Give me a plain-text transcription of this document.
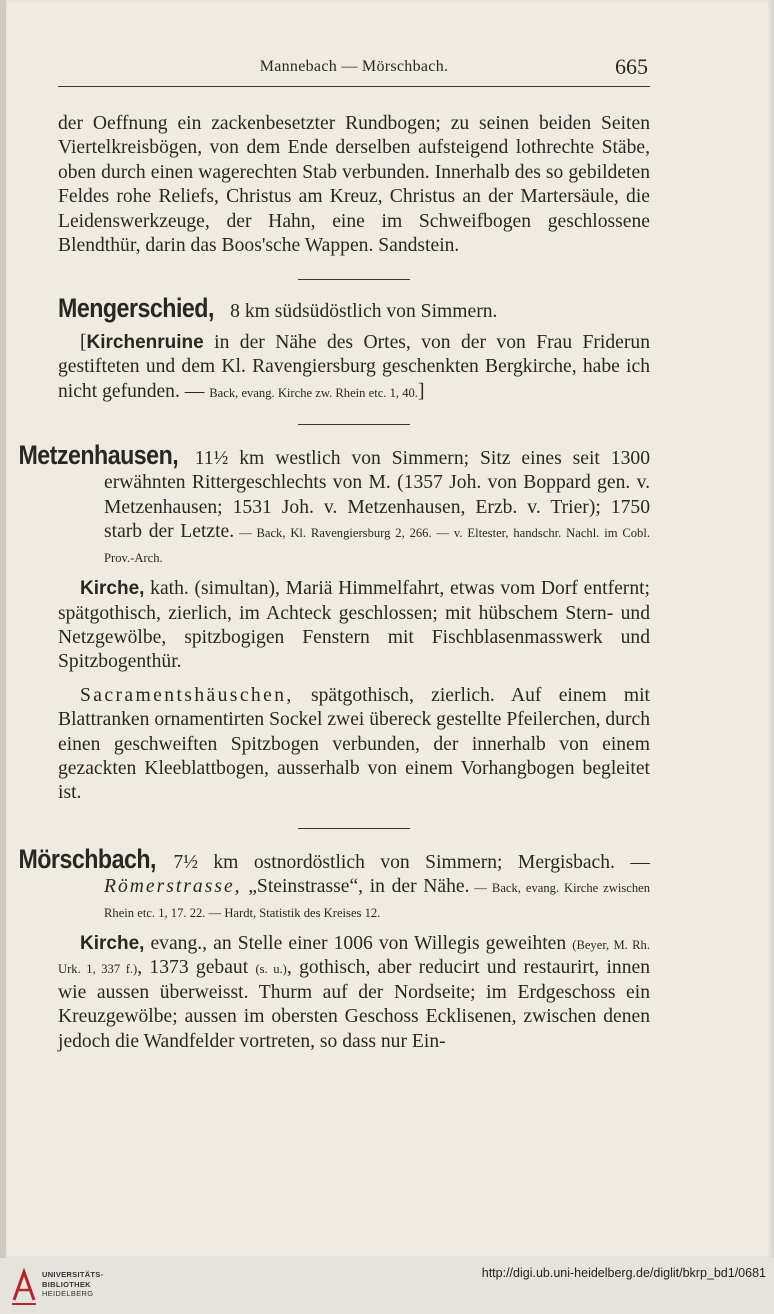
Mannebach — Mörschbach.	665

der Oeffnung ein zackenbesetzter Rundbogen; zu seinen beiden Seiten Viertelkreisbögen, von dem Ende derselben aufsteigend lothrechte Stäbe, oben durch einen wagerechten Stab verbunden. Innerhalb des so gebildeten Feldes rohe Reliefs, Christus am Kreuz, Christus an der Martersäule, die Leidenswerkzeuge, der Hahn, eine im Schweifbogen geschlossene Blendthür, darin das Boos'sche Wappen. Sandstein.

Mengerschied, 8 km südsüdöstlich von Simmern.

[Kirchenruine in der Nähe des Ortes, von der von Frau Friderun gestifteten und dem Kl. Ravengiersburg geschenkten Bergkirche, habe ich nicht gefunden. — Back, evang. Kirche zw. Rhein etc. 1, 40.]

Metzenhausen, 11½ km westlich von Simmern; Sitz eines seit 1300 erwähnten Rittergeschlechts von M. (1357 Joh. von Boppard gen. v. Metzenhausen; 1531 Joh. v. Metzenhausen, Erzb. v. Trier); 1750 starb der Letzte. — Back, Kl. Ravengiersburg 2, 266. — v. Eltester, handschr. Nachl. im Cobl. Prov.-Arch.

Kirche, kath. (simultan), Mariä Himmelfahrt, etwas vom Dorf entfernt; spätgothisch, zierlich, im Achteck geschlossen; mit hübschem Stern- und Netzgewölbe, spitzbogigen Fenstern mit Fischblasenmasswerk und Spitzbogenthür.

Sacramentshäuschen, spätgothisch, zierlich. Auf einem mit Blattranken ornamentirten Sockel zwei übereck gestellte Pfeilerchen, durch einen geschweiften Spitzbogen verbunden, der innerhalb von einem gezackten Kleeblattbogen, ausserhalb von einem Vorhangbogen begleitet ist.

Mörschbach, 7½ km ostnordöstlich von Simmern; Mergisbach. — Römerstrasse, „Steinstrasse“, in der Nähe. — Back, evang. Kirche zwischen Rhein etc. 1, 17. 22. — Hardt, Statistik des Kreises 12.

Kirche, evang., an Stelle einer 1006 von Willegis geweihten (Beyer, M. Rh. Urk. 1, 337 f.), 1373 gebaut (s. u.), gothisch, aber reducirt und restaurirt, innen wie aussen überweisst. Thurm auf der Nordseite; im Erdgeschoss ein Kreuzgewölbe; aussen im obersten Geschoss Ecklisenen, zwischen denen jedoch die Wandfelder vortreten, so dass nur Ein-

UNIVERSITÄTS-
BIBLIOTHEK
HEIDELBERG
http://digi.ub.uni-heidelberg.de/diglit/bkrp_bd1/0681
